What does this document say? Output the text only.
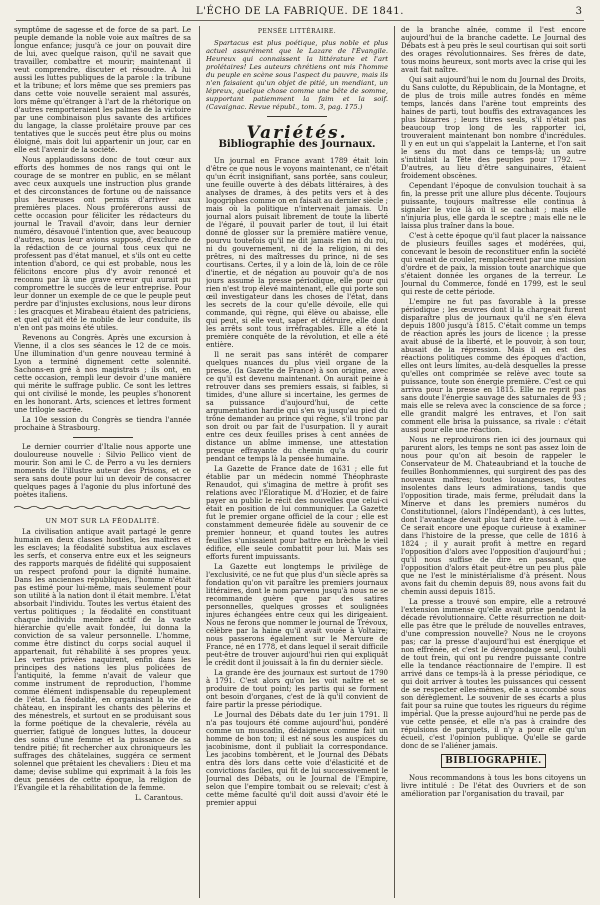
L'ÉCHO DE LA FABRIQUE. DE 1841.	3

symptôme de sagesse et de force de sa part. Le peuple demande la noble voie aux maîtres de sa longue enfance; jusqu'à ce jour on pouvait dire de lui, avec quelque raison, qu'il ne savait que travailler, combattre et mourir; maintenant il veut comprendre, discuter et résoudre. À lui aussi les luttes publiques de la parole : la tribune et la tribune; et lors même que ses premiers pas dans cette voie nouvelle seraient mal assurés, lors même qu'étranger à l'art de la rhétorique on d'autres remporteraient les palmes de la victoire par une combinaison plus savante des artifices du langage, la classe prolétaire prouve par ces tentatives que le succès peut être plus ou moins éloigné, mais doit lui appartenir un jour, car en elle est l'avenir de la société.

Nous applaudissons donc de tout cœur aux efforts des hommes de nos rangs qui ont le courage de se montrer en public, en se mêlant avec ceux auxquels une instruction plus grande et des circonstances de fortune ou de naissance plus heureuses ont permis d'arriver aux premières places. Nous proférerons aussi de cette occasion pour féliciter les rédacteurs du journal le Travail d'avoir, dans leur dernier numéro, désavoué l'intention que, avec beaucoup d'autres, nous leur avions supposé, d'exclure de la rédaction de ce journal tous ceux qui ne professent pas d'état manuel, et s'ils ont eu cette intention d'abord, ce qui est probable, nous les félicitons encore plus d'y avoir renoncé et reconnu par là une grave erreur qui aurait pu compromettre le succès de leur entreprise. Pour leur donner un exemple de ce que le peuple peut perdre par d'injustes exclusions, nous leur dirons : les gracques et Mirabeau étaient des patriciens, et quel qu'ait été le mobile de leur conduite, ils n'en ont pas moins été utiles.

Revenons au Congrès. Après une excursion à Vienne, il a clos ses séances le 12 de ce mois. Une illumination d'un genre nouveau terminé à Lyon a terminé dignement cette solennité. Sachons-en gré à nos magistrats ; ils ont, en cette occasion, rempli leur devoir d'une manière qui mérite le suffrage public. Ce sont les lettres qui ont civilisé le monde, les peuples s'honorent en les honorant. Arts, sciences et lettres forment une trilogie sacrée.

La 10e session du Congrès se tiendra l'année prochaine à Strasbourg.

Le dernier courrier d'Italie nous apporte une douloureuse nouvelle : Silvio Pellico vient de mourir. Son ami le C. de Perro a vu les derniers moments de l'illustre auteur des Prisons, et ce sera sans doute pour lui un devoir de consacrer quelques pages à l'agonie du plus infortuné des poètes italiens.

UN MOT SUR LA FÉODALITÉ.

La civilisation antique avait partagé le genre humain en deux classes hostiles, les maîtres et les esclaves; la féodalité substitua aux esclaves les serfs, et conserva entre eux et les seigneurs des rapports marqués de fidélité qui supposaient un respect profond pour la dignité humaine. Dans les anciennes républiques, l'homme n'était pas estimé pour lui-même, mais seulement pour son utilité à la nation dont il était membre. L'état absorbait l'individu. Toutes les vertus étaient des vertus politiques ; la féodalité en constituant chaque individu membre actif de la vaste hiérarchie qu'elle avait fondée, lui donna la conviction de sa valeur personnelle. L'homme, comme être distinct du corps social auquel il appartenait, fut réhabilité à ses propres yeux. Les vertus privées naquirent, enfin dans les principes des nations les plus policées de l'antiquité, la femme n'avait de valeur que comme instrument de reproduction, l'homme comme élément indispensable du repeuplement de l'état. La féodalité, en organisant la vie de château, en inspirant les chants des pèlerins et des ménestrels, et surtout en se produisant sous la forme poétique de la chevalerie, révéla au guerrier, fatigué de longues luttes, la douceur des soins d'une femme et la puissance de sa tendre pitié; fit rechercher aux chroniqueurs les suffrages des châtelaines, suggéra ce serment solennel que prêtaient les chevaliers : Dieu et ma dame; devise sublime qui exprimait à la fois les deux pensées de cette époque, la religion de l'Évangile et la réhabilitation de la femme.

L. Carantous.
PENSÉE LITTÉRAIRE.

Spartacus est plus poétique, plus noble et plus actuel assurément que le Lazare de l'Évangile. Heureux qui connaissent la littérature et l'art prolétaires! Les auteurs chrétiens ont mis l'homme du peuple en scène sous l'aspect du pauvre, mais ils n'en faisaient qu'un objet de pitié, un mendiant, un lépreux, quelque chose comme une bête de somme, supportant patiemment la faim et la soif. (Cavaignac. Revue républ., tom. 3, pag. 175.)

Variétés.
Bibliographie des Journaux.

Un journal en France avant 1789 était loin d'être ce que nous le voyons maintenant, ce n'était qu'un écrit insignifiant, sans portée, sans couleur, une feuille ouverte à des débats littéraires, à des analyses de drames, à des petits vers et à des logogriphes comme on en faisait au dernier siècle ; mais où la politique n'intervenait jamais. Un journal alors puisait librement de toute la liberté de l'égaré, il pouvait parler de tout, il lui était donné de glosser sur la première matière venue, pourvu toutefois qu'il ne dit jamais rien ni du roi, ni du gouvernement, ni de la religion, ni des prêtres, ni des maîtresses du prince, ni de ses courtisans. Certes, il y a loin de là, loin de ce rôle d'inertie, et de négation au pouvoir qu'a de nos jours assumé la presse périodique, elle pour qui rien n'est trop élevé maintenant, elle qui porte son œil investigateur dans les choses de l'état, dans les secrets de la cour qu'elle dévoile, elle qui commande, qui règne, qui élève ou abaisse, elle qui peut, si elle veut, saper et détruire, elle dont les arrêts sont tous irréfragables. Elle a été la première conquête de la révolution, et elle a été entière.

Il ne serait pas sans intérêt de comparer quelques nuances du plus vieil organe de la presse, (la Gazette de France) à son origine, avec ce qu'il est devenu maintenant. On aurait peine à retrouver dans ses premiers essais, si faibles, si timides, d'une allure si incertaine, les germes de sa puissance d'aujourd'hui, de cette argumentation hardie qui s'en va jusqu'au pied du trône demander au prince qui règne, s'il tronc par son droit ou par fait de l'usurpation. Il y aurait entre ces deux feuilles prises à cent années de distance un abîme immense, une attestation presque effrayante du chemin qu'a du courir pendant ce temps là la pensée humaine.

La Gazette de France date de 1631 ; elle fut établie par un médecin nommé Théophraste Renaudot, qui s'imagina de mettre à profit ses relations avec l'Éloratique M. d'Hozier, et de faire payer au public le récit des nouvelles que celui-ci était en position de lui communiquer. La Gazette fut le premier organe officiel de la cour ; elle est constamment demeurée fidèle au souvenir de ce premier honneur, et quand toutes les autres feuilles s'unissaient pour battre en brèche le vieil édifice, elle seule combattit pour lui. Mais ses efforts furent impuissants.

La Gazette eut longtemps le privilège de l'exclusivité, ce ne fut que plus d'un siècle après sa fondation qu'on vit paraître les premiers journaux littéraires, dont le nom parvenu jusqu'à nous ne se recommande guère que par des satires personnelles, quelques grosses et soulignées injures échangées entre ceux qui les dirigeaient. Nous ne ferons que nommer le journal de Trévoux, célèbre par la haine qu'il avait vouée à Voltaire; nous passerons également sur le Mercure de France, né en 1778, et dans lequel il serait difficile peut-être de trouver aujourd'hui rien qui expliquât le crédit dont il jouissait à la fin du dernier siècle.

La grande ère des journaux est surtout de 1790 à 1791. C'est alors qu'on les voit naître et se produire de tout point; les partis qui se forment ont besoin d'organes, c'est de là qu'il convient de faire partir la presse périodique.

Le Journal des Débats date du 1er juin 1791. Il n'a pas toujours été comme aujourd'hui, pondéré comme un muscadin, dédaigneux comme fait un homme de bon ton; il est né sous les auspices du jacobinisme, dont il publiait la correspondance. Les jacobins tombèrent, et le Journal des Débats entra dès lors dans cette voie d'élasticité et de convictions faciles, qui fit de lui successivement le Journal des Débats, ou le Journal de l'Empire, selon que l'empire tombait ou se relevait; c'est à cette même faculté qu'il doit aussi d'avoir été le premier appui

de la branche aînée, comme il l'est encore aujourd'hui de la branche cadette. Le Journal des Débats est à peu près le seul courtisan qui soit sorti des orages révolutionnaires. Ses frères de date, tous moins heureux, sont morts avec la crise qui les avait fait naître.

Qui sait aujourd'hui le nom du Journal des Droits, du Sans culotte, du Républicain, de la Montagne, et de plus de trois mille autres fondés en même temps, lancés dans l'arène tout empreints des haines de parti, tout bouffis des extravagances les plus bizarres ; leurs titres seuls, s'il n'était pas beaucoup trop long de les rapporter ici, trouveraient maintenant bon nombre d'incrédules. Il y en eut un qui s'appelait la Lanterne, et l'on sait le sens du mot dans ce temps-là; un autre s'intitulait la Tête des peuples pour 1792. — D'autres, au lieu d'être sanguinaires, étaient froidement obscènes.

Cependant l'époque de convulsion touchait à sa fin, la presse prit une allure plus décente. Toujours puissante, toujours maîtresse elle continua à signaler le vice là où il se cachait ; mais elle n'injuria plus, elle garda le sceptre ; mais elle ne le laissa plus traîner dans la boue.

C'est à cette époque qu'il faut placer la naissance de plusieurs feuilles sages et modérées, qui, concevant le besoin de reconstituer enfin la société qui venait de crouler, remplacèrent par une mission d'ordre et de paix, la mission toute anarchique que s'étaient donnée les organes de la terreur. Le Journal du Commerce, fondé en 1799, est le seul qui reste de cette période.

L'empire ne fut pas favorable à la presse périodique ; les œuvres dont il la chargeait furent disparaître plus de journaux qu'il ne s'en éleva depuis 1800 jusqu'à 1815. C'était comme un temps de réaction après les jours de licence ; la presse avait abusé de la liberté, et le pouvoir, à son tour, abusait de la répression. Mais il en est des réactions politiques comme des époques d'action, elles ont leurs limites, au-delà desquelles la presse qu'elles ont comprimée se relève avec toute sa puissance, toute son énergie première. C'est ce qui arriva pour la presse en 1815. Elle ne reprit pas sans doute l'énergie sauvage des saturnales de 93 ; mais elle se releva avec la conscience de sa force ; elle grandit malgré les entraves, et l'on sait comment elle brisa la puissance, sa rivale : c'était aussi pour elle une réaction.

Nous ne reproduirons rien ici des journaux qui parurent alors, les temps ne sont pas assez loin de nous pour qu'on ait besoin de rappeler le Conservateur de M. Chateaubriand et la touche de feuilles Bonhommiennes, qui surgirent des pas des nouveaux maîtres; toutes louangeuses, toutes insolentes dans leurs admirations, tandis que l'opposition tirade, mais ferme, préludait dans la Minerve et dans les premiers numéros du Constitutionnel, (alors l'Indépendant), à ces luttes, dont l'avantage devait plus tard être tout à elle. — Ce serait encore une époque curieuse à examiner dans l'histoire de la presse, que celle de 1816 à 1824 ; il y aurait profit à mettre en regard l'opposition d'alors avec l'opposition d'aujourd'hui ; qu'il nous suffise de dire en passant, que l'opposition d'alors était peut-être un peu plus pâle que ne l'est le ministérialisme d'à présent. Nous avons fait du chemin depuis 89, nous avons fait du chemin aussi depuis 1815.

La presse a trouvé son empire, elle a retrouvé l'extension immense qu'elle avait prise pendant la décade révolutionnaire. Cette résurrection ne doit-elle pas être que le prélude de nouvelles entraves, d'une compression nouvelle? Nous ne le croyons pas; car la presse d'aujourd'hui est énergique et non effrénée, et c'est le dévergondage seul, l'oubli de tout frein, qui ont pu rendre puissante contre elle la tendance réactionnaire de l'empire. Il est arrivé dans ce temps-là à la presse périodique, ce qui doit arriver à toutes les puissances qui cessent de se respecter elles-mêmes, elle a succombé sous son dérèglement. Le souvenir de ses écarts a plus fait pour sa ruine que toutes les rigueurs du régime impérial. Que la presse aujourd'hui ne perde pas de vue cette pensée, et elle n'a pas à craindre des répulsions de parquets, il n'y a pour elle qu'un écueil, c'est l'opinion publique. Qu'elle se garde donc de se l'aliéner jamais.

BIBLIOGRAPHIE.

Nous recommandons à tous les bons citoyens un livre intitulé : De l'état des Ouvriers et de son amélioration par l'organisation du travail, par
